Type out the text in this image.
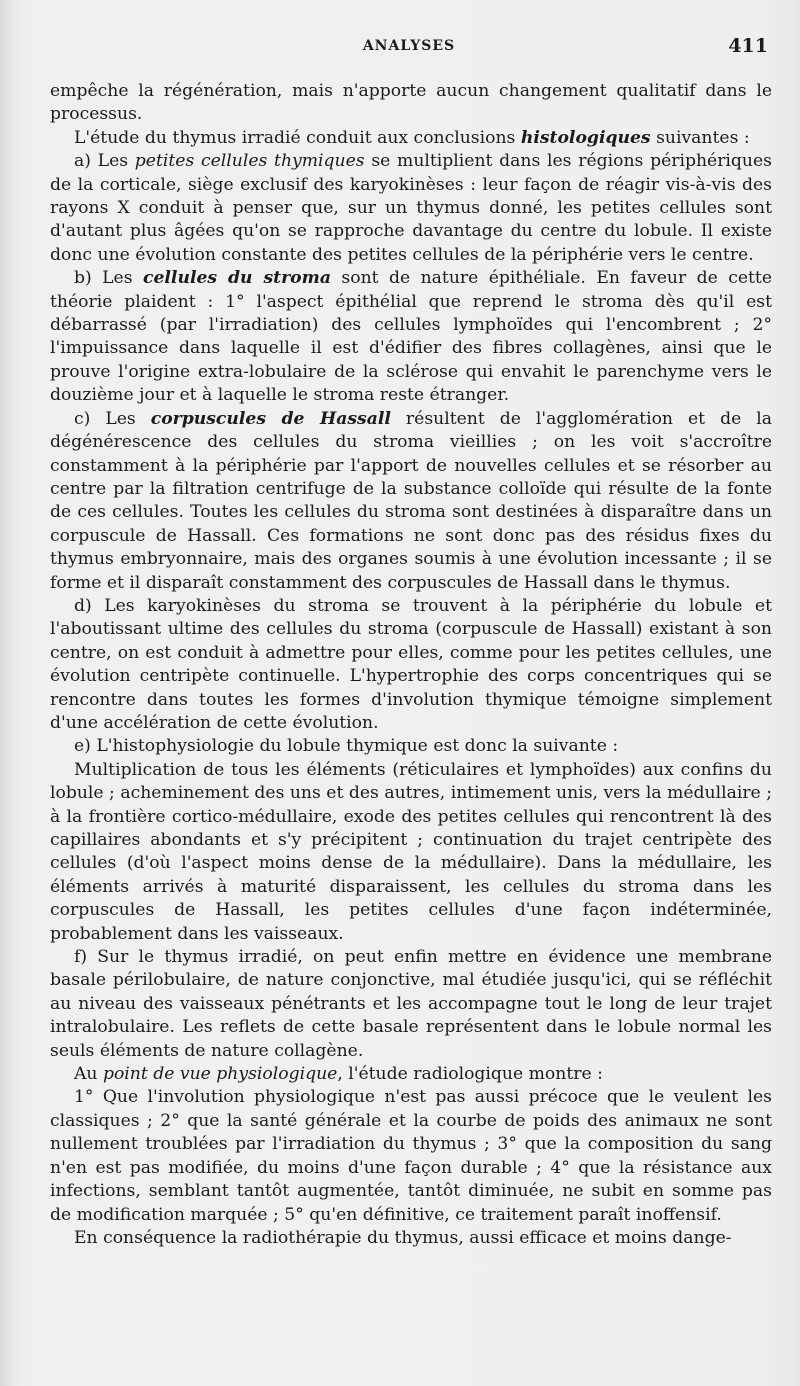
ANALYSES	411

empêche la régénération, mais n'apporte aucun changement qualitatif dans le processus.

L'étude du thymus irradié conduit aux conclusions histologiques suivantes :

a) Les petites cellules thymiques se multiplient dans les régions périphériques de la corticale, siège exclusif des karyokinèses : leur façon de réagir vis-à-vis des rayons X conduit à penser que, sur un thymus donné, les petites cellules sont d'autant plus âgées qu'on se rapproche davantage du centre du lobule. Il existe donc une évolution constante des petites cellules de la périphérie vers le centre.

b) Les cellules du stroma sont de nature épithéliale. En faveur de cette théorie plaident : 1° l'aspect épithélial que reprend le stroma dès qu'il est débarrassé (par l'irradiation) des cellules lymphoïdes qui l'encombrent ; 2° l'impuissance dans laquelle il est d'édifier des fibres collagènes, ainsi que le prouve l'origine extra-lobulaire de la sclérose qui envahit le parenchyme vers le douzième jour et à laquelle le stroma reste étranger.

c) Les corpuscules de Hassall résultent de l'agglomération et de la dégénérescence des cellules du stroma vieillies ; on les voit s'accroître constamment à la périphérie par l'apport de nouvelles cellules et se résorber au centre par la filtration centrifuge de la substance colloïde qui résulte de la fonte de ces cellules. Toutes les cellules du stroma sont destinées à disparaître dans un corpuscule de Hassall. Ces formations ne sont donc pas des résidus fixes du thymus embryonnaire, mais des organes soumis à une évolution incessante ; il se forme et il disparaît constamment des corpuscules de Hassall dans le thymus.

d) Les karyokinèses du stroma se trouvent à la périphérie du lobule et l'aboutissant ultime des cellules du stroma (corpuscule de Hassall) existant à son centre, on est conduit à admettre pour elles, comme pour les petites cellules, une évolution centripète continuelle. L'hypertrophie des corps concentriques qui se rencontre dans toutes les formes d'involution thymique témoigne simplement d'une accélération de cette évolution.

e) L'histophysiologie du lobule thymique est donc la suivante :

Multiplication de tous les éléments (réticulaires et lymphoïdes) aux confins du lobule ; acheminement des uns et des autres, intimement unis, vers la médullaire ; à la frontière cortico-médullaire, exode des petites cellules qui rencontrent là des capillaires abondants et s'y précipitent ; continuation du trajet centripète des cellules (d'où l'aspect moins dense de la médullaire). Dans la médullaire, les éléments arrivés à maturité disparaissent, les cellules du stroma dans les corpuscules de Hassall, les petites cellules d'une façon indéterminée, probablement dans les vaisseaux.

f) Sur le thymus irradié, on peut enfin mettre en évidence une membrane basale périlobulaire, de nature conjonctive, mal étudiée jusqu'ici, qui se réfléchit au niveau des vaisseaux pénétrants et les accompagne tout le long de leur trajet intralobulaire. Les reflets de cette basale représentent dans le lobule normal les seuls éléments de nature collagène.

Au point de vue physiologique, l'étude radiologique montre :

1° Que l'involution physiologique n'est pas aussi précoce que le veulent les classiques ; 2° que la santé générale et la courbe de poids des animaux ne sont nullement troublées par l'irradiation du thymus ; 3° que la composition du sang n'en est pas modifiée, du moins d'une façon durable ; 4° que la résistance aux infections, semblant tantôt augmentée, tantôt diminuée, ne subit en somme pas de modification marquée ; 5° qu'en définitive, ce traitement paraît inoffensif.

En conséquence la radiothérapie du thymus, aussi efficace et moins dange-
